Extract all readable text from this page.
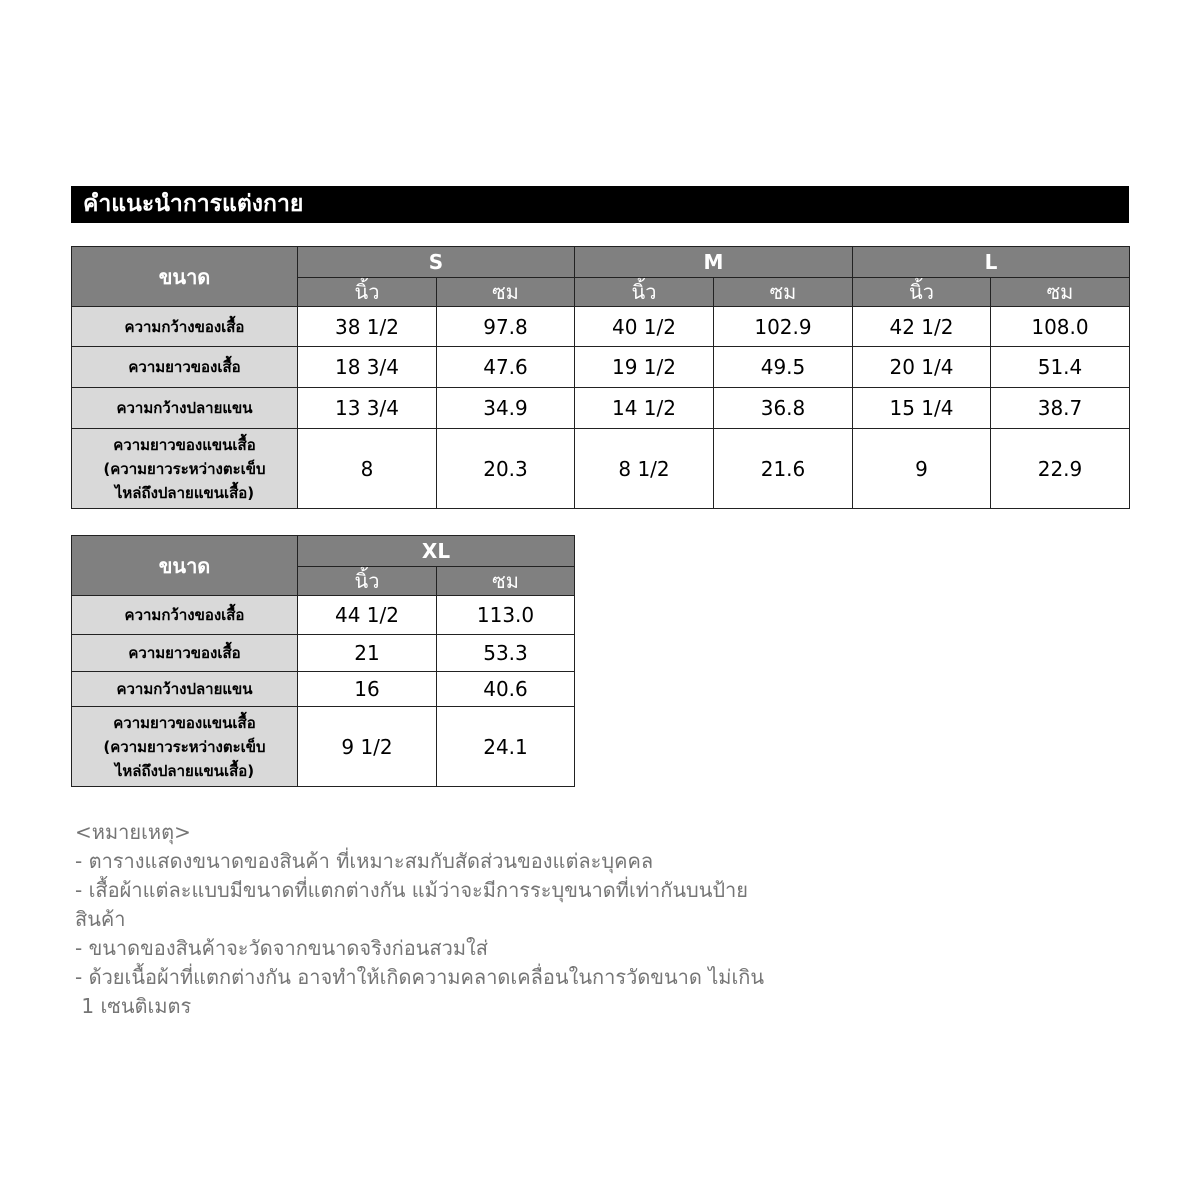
คำแนะนำการแต่งกาย
ขนาด	S		M		L	
	นิ้ว	ซม	นิ้ว	ซม	นิ้ว	ซม
ความกว้างของเสื้อ	38 1/2	97.8	40 1/2	102.9	42 1/2	108.0
ความยาวของเสื้อ	18 3/4	47.6	19 1/2	49.5	20 1/4	51.4
ความกว้างปลายแขน	13 3/4	34.9	14 1/2	36.8	15 1/4	38.7

ความยาวของแขนเสื้อ
(ความยาวระหว่างตะเข็บ
ไหล่ถึงปลายแขนเสื้อ)	8	20.3	8 1/2	21.6	9	22.9
ขนาด	XL	
	นิ้ว	ซม
ความกว้างของเสื้อ	44 1/2	113.0
ความยาวของเสื้อ	21	53.3
ความกว้างปลายแขน	16	40.6

ความยาวของแขนเสื้อ
(ความยาวระหว่างตะเข็บ
ไหล่ถึงปลายแขนเสื้อ)	9 1/2	24.1
<หมายเหตุ>
- ตารางแสดงขนาดของสินค้า ที่เหมาะสมกับสัดส่วนของแต่ละบุคคล
- เสื้อผ้าแต่ละแบบมีขนาดที่แตกต่างกัน แม้ว่าจะมีการระบุขนาดที่เท่ากันบนป้าย
สินค้า
- ขนาดของสินค้าจะวัดจากขนาดจริงก่อนสวมใส่
- ด้วยเนื้อผ้าที่แตกต่างกัน อาจทำให้เกิดความคลาดเคลื่อนในการวัดขนาด ไม่เกิน
1 เซนติเมตร
